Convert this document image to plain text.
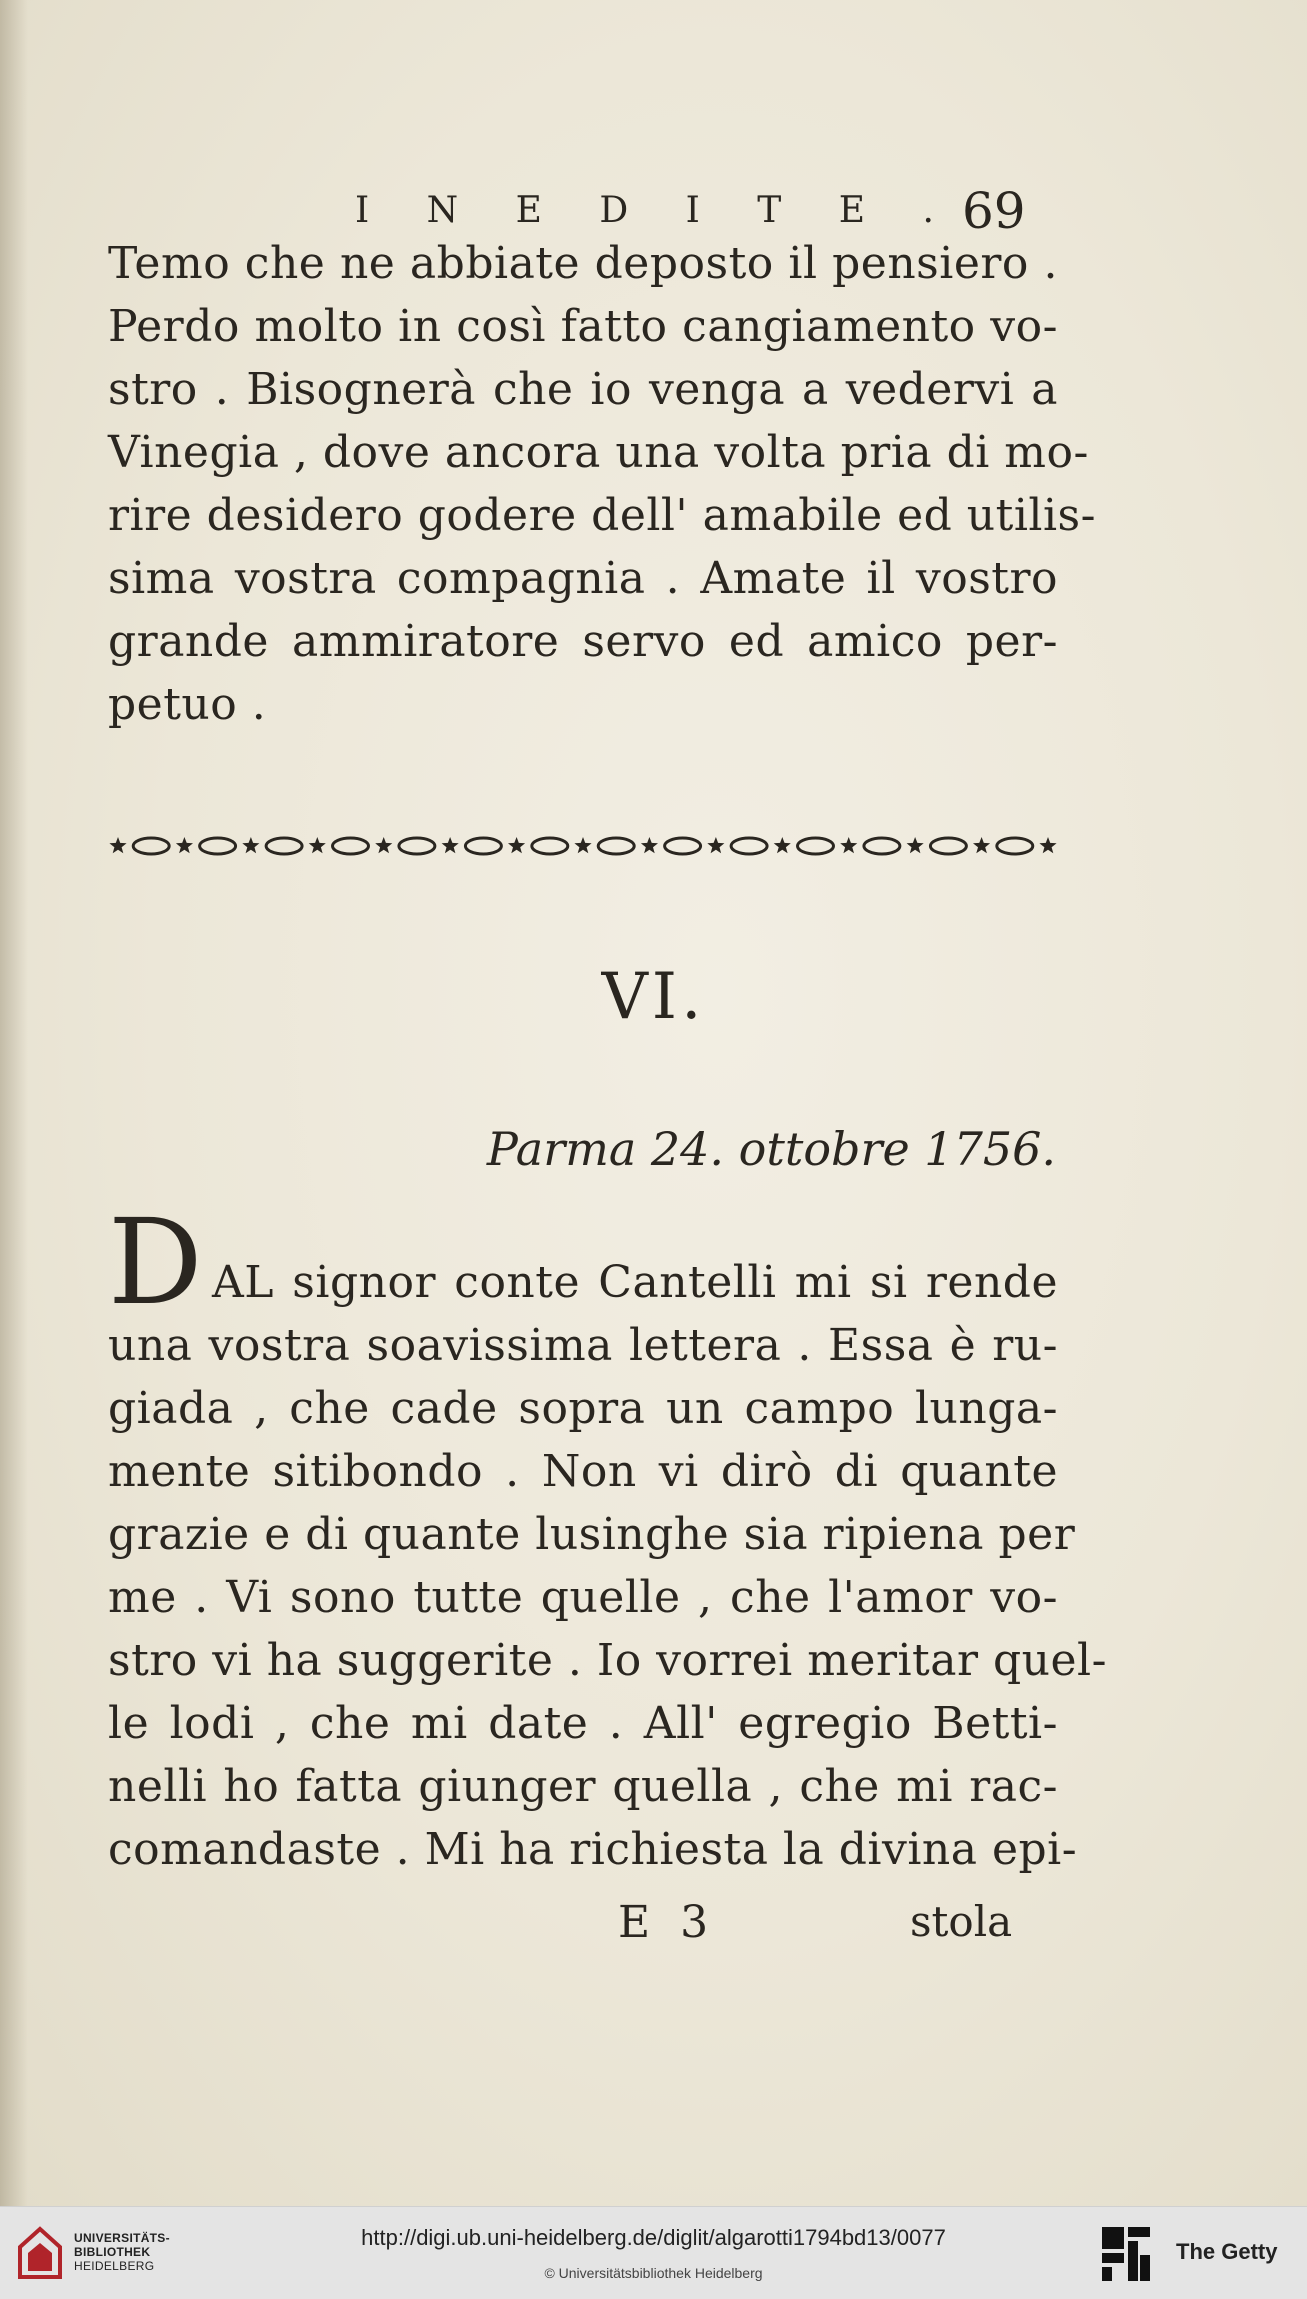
I N E D I T E . 69
Temo che ne abbiate deposto il pensiero .
Perdo molto in così fatto cangiamento vo-
stro . Bisognerà che io venga a vedervi a
Vinegia , dove ancora una volta pria di mo-
rire desidero godere dell' amabile ed utilis-
sima vostra compagnia . Amate il vostro
grande ammiratore servo ed amico per-
petuo .
VI.
Parma 24. ottobre 1756.
D AL signor conte Cantelli mi si rende
una vostra soavissima lettera . Essa è ru-
giada , che cade sopra un campo lunga-
mente sitibondo . Non vi dirò di quante
grazie e di quante lusinghe sia ripiena per
me . Vi sono tutte quelle , che l'amor vo-
stro vi ha suggerite . Io vorrei meritar quel-
le lodi , che mi date . All' egregio Betti-
nelli ho fatta giunger quella , che mi rac-
comandaste . Mi ha richiesta la divina epi-
E 3	stola
UNIVERSITÄTS-
BIBLIOTHEK
HEIDELBERG
http://digi.ub.uni-heidelberg.de/diglit/algarotti1794bd13/0077
© Universitätsbibliothek Heidelberg
The Getty
